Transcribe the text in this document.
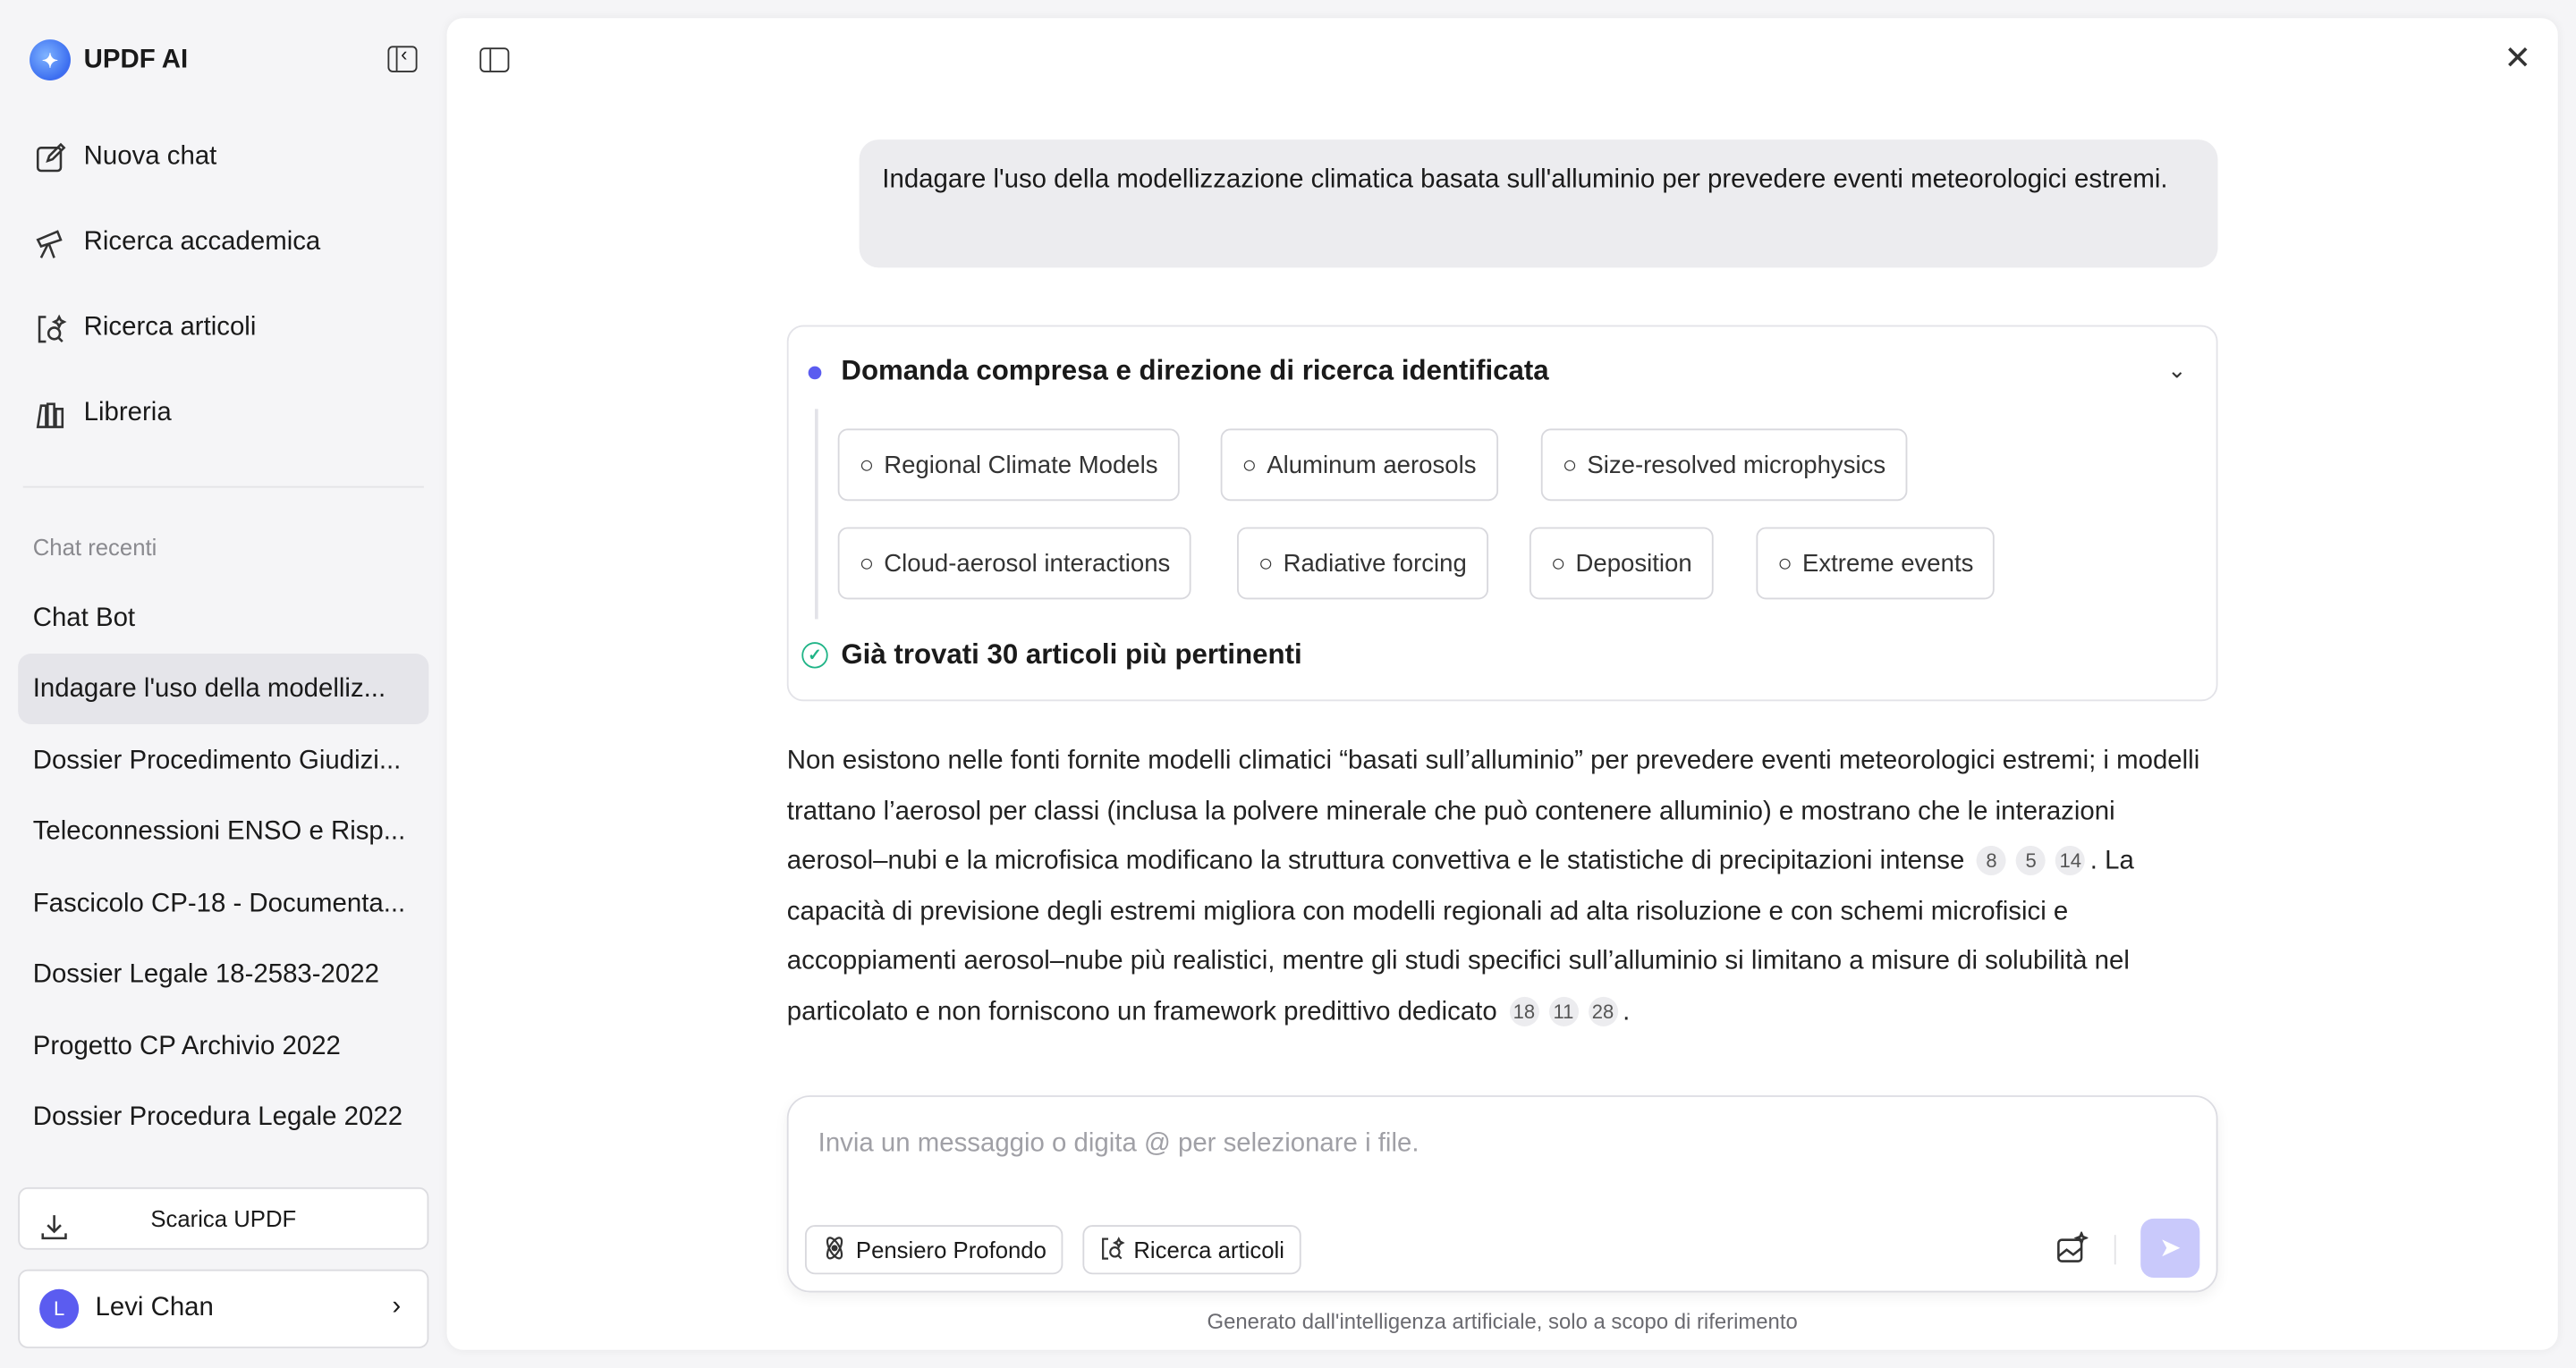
✦	UPDF AI
‹
Nuova chat
Ricerca accademica
Ricerca articoli
Libreria
Chat recenti
Chat Bot
Indagare l'uso della modelliz...
Dossier Procedimento Giudizi...
Teleconnessioni ENSO e Risp...
Fascicolo CP-18 - Documenta...
Dossier Legale 18-2583-2022
Progetto CP Archivio 2022
Dossier Procedura Legale 2022
Scarica UPDF
L	Levi Chan	›
✕
Indagare l'uso della modellizzazione climatica basata sull'alluminio per prevedere eventi meteorologici estremi.
Domanda compresa e direzione di ricerca identificata	⌄
○ Regional Climate Models	○ Aluminum aerosols	○ Size-resolved microphysics
○ Cloud-aerosol interactions	○ Radiative forcing	○ Deposition	○ Extreme events
✓	Già trovati 30 articoli più pertinenti
Non esistono nelle fonti fornite modelli climatici “basati sull’alluminio” per prevedere eventi meteorologici estremi; i modelli trattano l’aerosol per classi (inclusa la polvere minerale che può contenere alluminio) e mostrano che le interazioni aerosol–nubi e la microfisica modificano la struttura convettiva e le statistiche di precipitazioni intense 8	5 14 . La capacità di previsione degli estremi migliora con modelli regionali ad alta risoluzione e con schemi microfisici e accoppiamenti aerosol–nube più realistici, mentre gli studi specifici sull’alluminio si limitano a misure di solubilità nel particolato e non forniscono un framework predittivo dedicato 18 11 28 .
Invia un messaggio o digita @ per selezionare i file.
Pensiero Profondo	Ricerca articoli	➤
Generato dall'intelligenza artificiale, solo a scopo di riferimento
